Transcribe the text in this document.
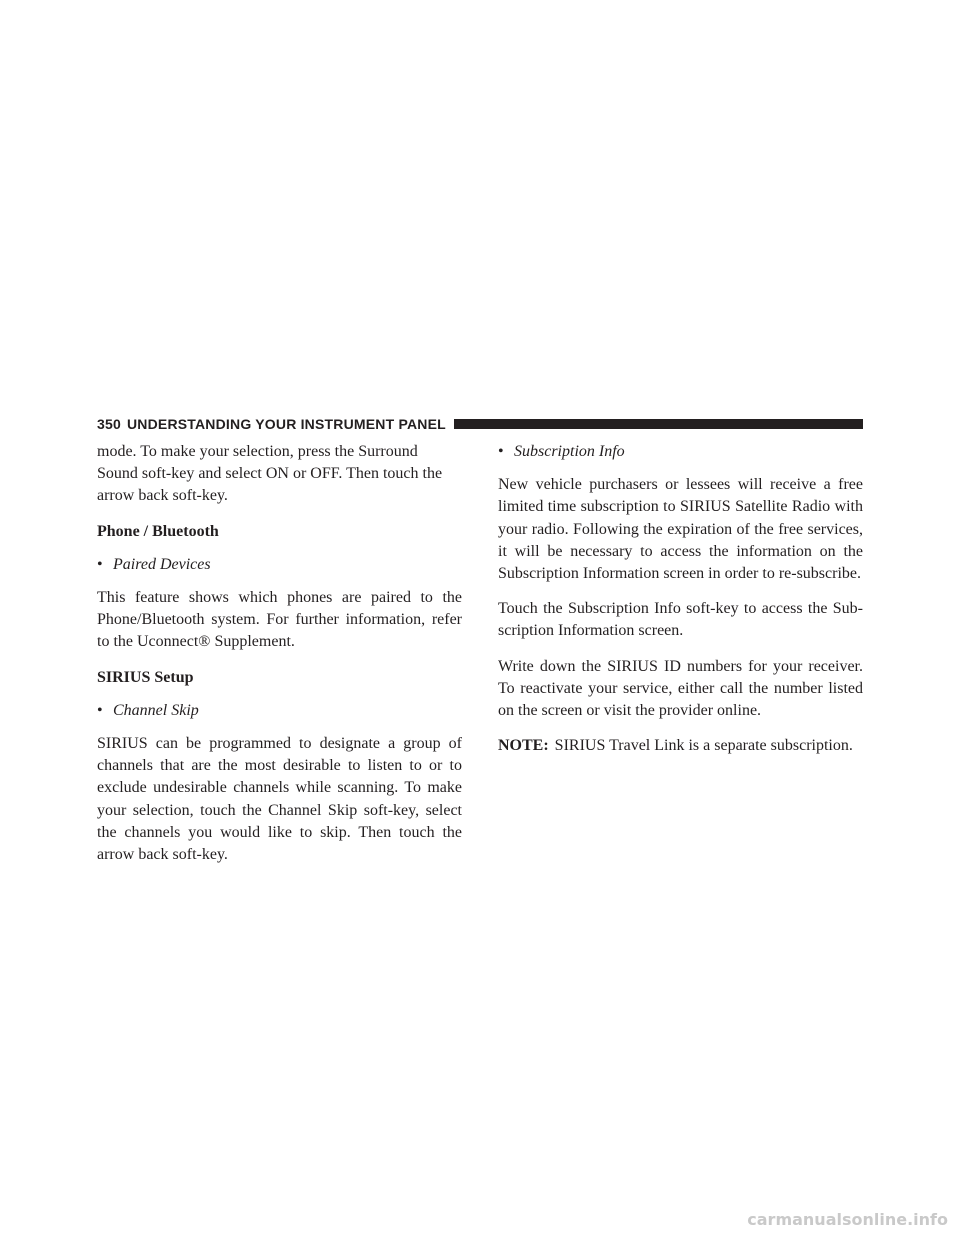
350 UNDERSTANDING YOUR INSTRUMENT PANEL

mode. To make your selection, press the Surround Sound soft-key and select ON or OFF. Then touch the arrow back soft-key.

Phone / Bluetooth
• Paired Devices

This feature shows which phones are paired to the Phone/Bluetooth system. For further information, refer to the Uconnect® Supplement.

SIRIUS Setup
• Channel Skip

SIRIUS can be programmed to designate a group of channels that are the most desirable to listen to or to exclude undesirable channels while scanning. To make your selection, touch the Channel Skip soft-key, select the channels you would like to skip. Then touch the arrow back soft-key.

• Subscription Info

New vehicle purchasers or lessees will receive a free limited time subscription to SIRIUS Satellite Radio with your radio. Following the expiration of the free services, it will be necessary to access the information on the Subscription Information screen in order to re-subscribe.

Touch the Subscription Info soft-key to access the Sub-scription Information screen.

Write down the SIRIUS ID numbers for your receiver. To reactivate your service, either call the number listed on the screen or visit the provider online.

NOTE: SIRIUS Travel Link is a separate subscription.

carmanualsonline.info
